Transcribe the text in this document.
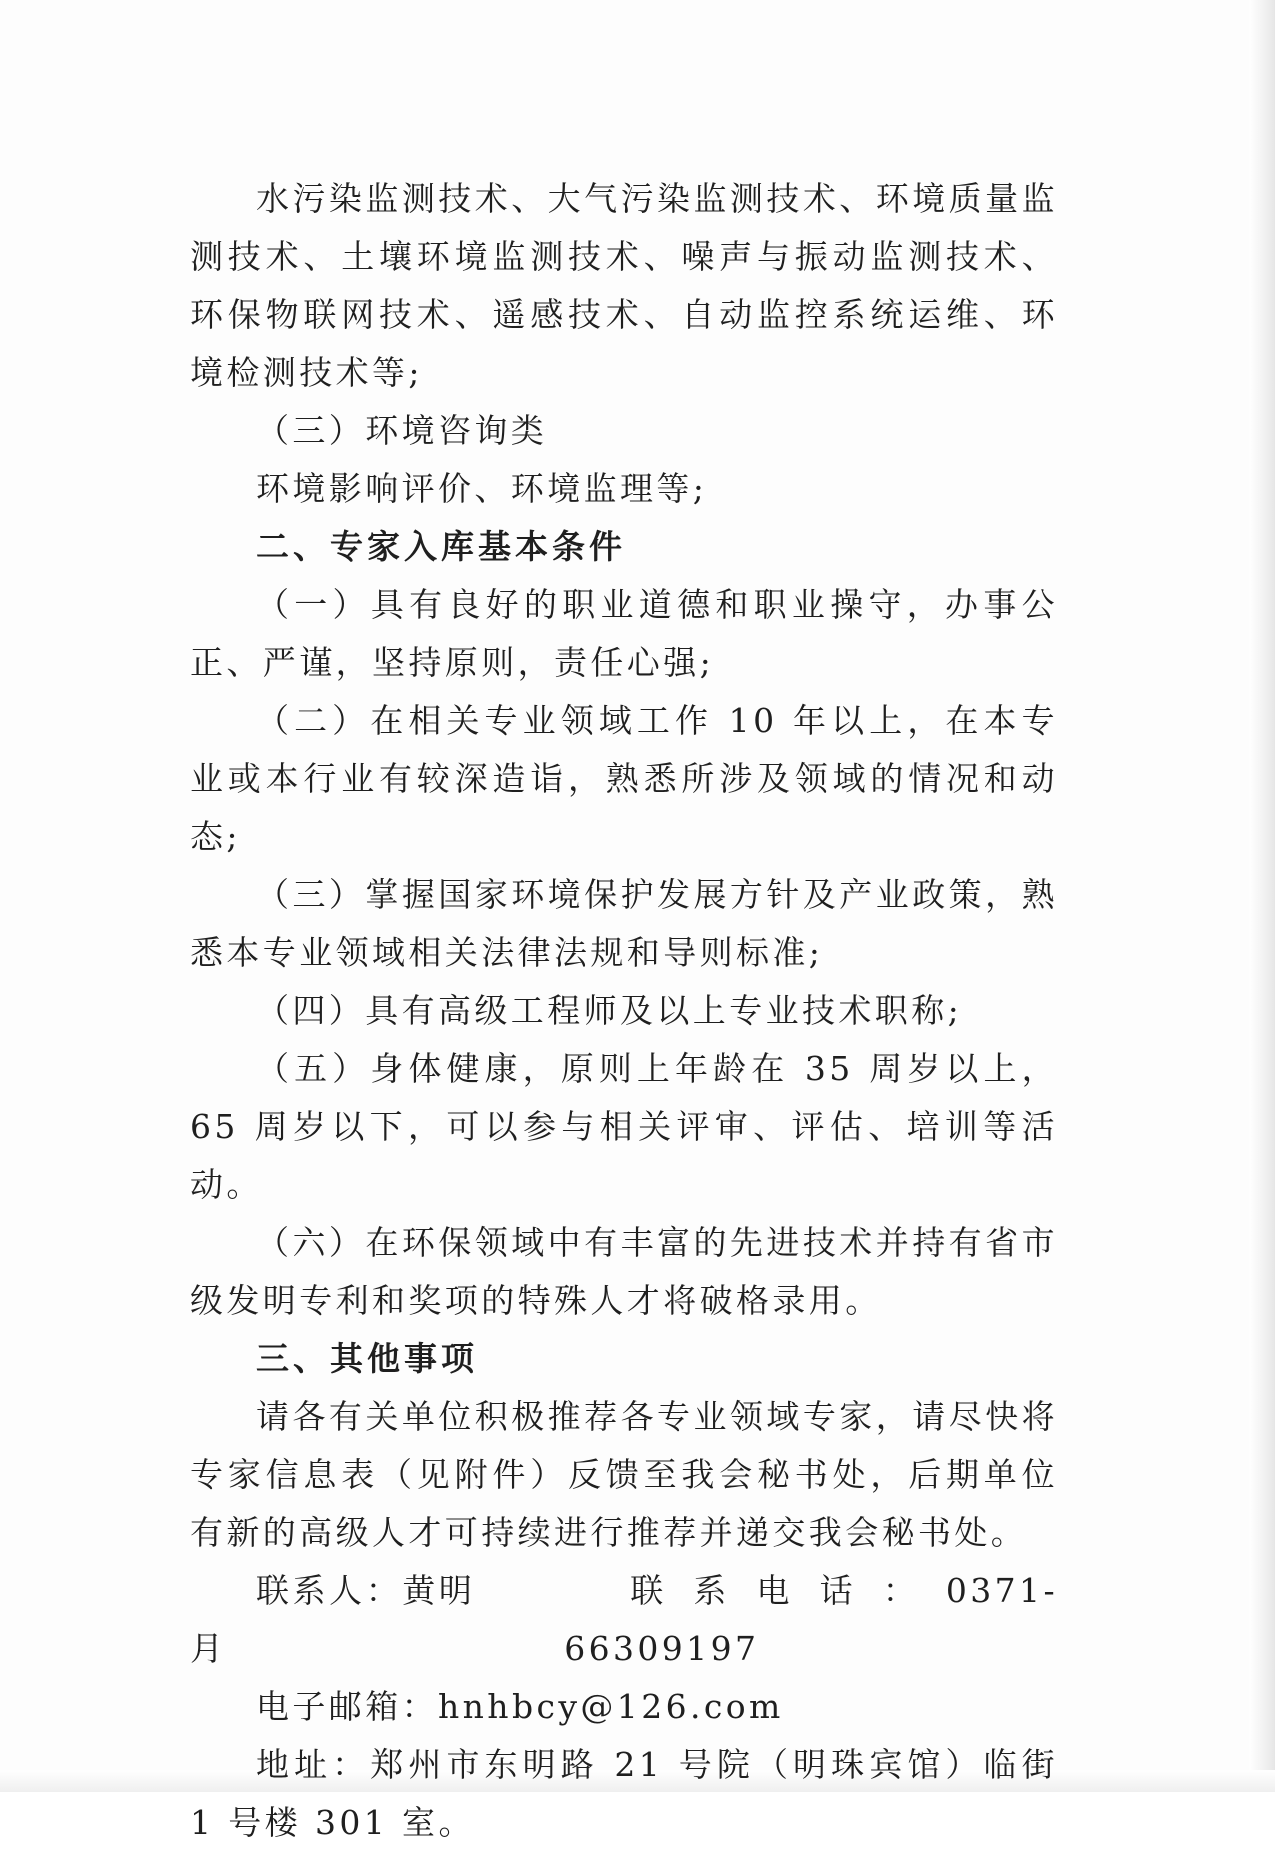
水污染监测技术、大气污染监测技术、环境质量监测技术、土壤环境监测技术、噪声与振动监测技术、环保物联网技术、遥感技术、自动监控系统运维、环境检测技术等;

（三）环境咨询类

环境影响评价、环境监理等;

二、专家入库基本条件

（一）具有良好的职业道德和职业操守，办事公正、严谨，坚持原则，责任心强;

（二）在相关专业领域工作 10 年以上，在本专业或本行业有较深造诣，熟悉所涉及领域的情况和动态;

（三）掌握国家环境保护发展方针及产业政策，熟悉本专业领域相关法律法规和导则标准;

（四）具有高级工程师及以上专业技术职称;

（五）身体健康，原则上年龄在 35 周岁以上，65 周岁以下，可以参与相关评审、评估、培训等活动。

（六）在环保领域中有丰富的先进技术并持有省市级发明专利和奖项的特殊人才将破格录用。

三、其他事项

请各有关单位积极推荐各专业领域专家，请尽快将专家信息表（见附件）反馈至我会秘书处，后期单位有新的高级人才可持续进行推荐并递交我会秘书处。

联系人：黄明月
联系电话：0371-66309197

电子邮箱：hnhbcy@126.com

地址：郑州市东明路 21 号院（明珠宾馆）临街 1 号楼 301 室。
